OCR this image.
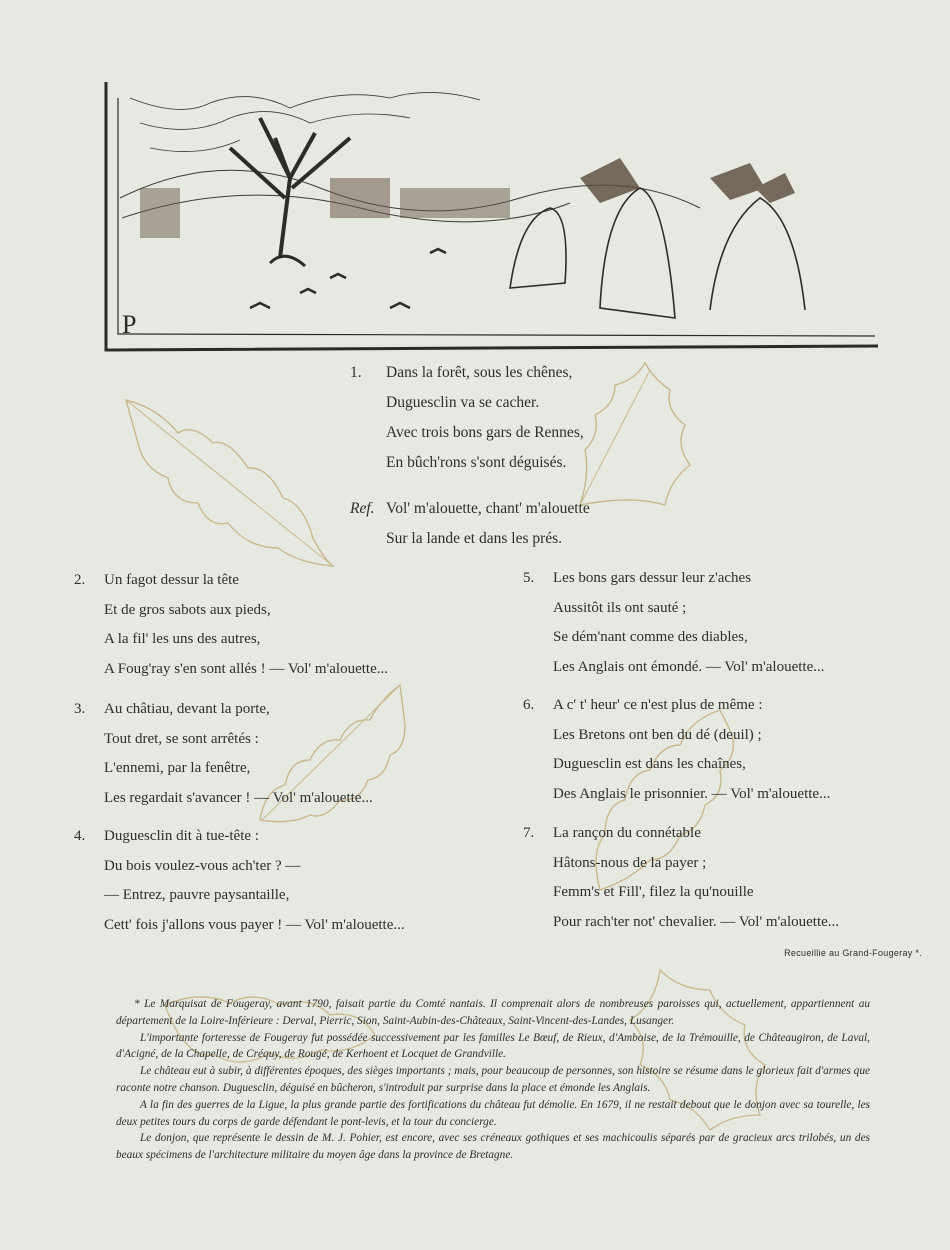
P
1.	Dans la forêt, sous les chênes,
Duguesclin va se cacher.
Avec trois bons gars de Rennes,
En bûch'rons s'sont déguisés.
Ref. Vol' m'alouette, chant' m'alouette
Sur la lande et dans les prés.
2.	Un fagot dessur la tête
Et de gros sabots aux pieds,
A la fil' les uns des autres,
A Foug'ray s'en sont allés ! — Vol' m'alouette...
3.	Au châtiau, devant la porte,
Tout dret, se sont arrêtés :
L'ennemi, par la fenêtre,
Les regardait s'avancer ! — Vol' m'alouette...
4.	Duguesclin dit à tue-tête :
Du bois voulez-vous ach'ter ? —
— Entrez, pauvre paysantaille,
Cett' fois j'allons vous payer ! — Vol' m'alouette...
5.	Les bons gars dessur leur z'aches
Aussitôt ils ont sauté ;
Se dém'nant comme des diables,
Les Anglais ont émondé. — Vol' m'alouette...
6.	A c' t' heur' ce n'est plus de même :
Les Bretons ont ben du dé (deuil) ;
Duguesclin est dans les chaînes,
Des Anglais le prisonnier. — Vol' m'alouette...
7.	La rançon du connétable
Hâtons-nous de la payer ;
Femm's et Fill', filez la qu'nouille
Pour rach'ter not' chevalier. — Vol' m'alouette...
Recueillie au Grand-Fougeray *.

* Le Marquisat de Fougeray, avant 1790, faisait partie du Comté nantais. Il comprenait alors de nombreuses paroisses qui, actuellement, appartiennent au département de la Loire-Inférieure : Derval, Pierric, Sion, Saint-Aubin-des-Châteaux, Saint-Vincent-des-Landes, Lusanger.

L'importante forteresse de Fougeray fut possédée successivement par les familles Le Bœuf, de Rieux, d'Amboise, de la Trémouille, de Châteaugiron, de Laval, d'Acigné, de la Chapelle, de Créquy, de Rougé, de Kerhoent et Locquet de Grandville.

Le château eut à subir, à différentes époques, des sièges importants ; mais, pour beaucoup de personnes, son histoire se résume dans le glorieux fait d'armes que raconte notre chanson. Duguesclin, déguisé en bûcheron, s'introduit par surprise dans la place et émonde les Anglais.

A la fin des guerres de la Ligue, la plus grande partie des fortifications du château fut démolie. En 1679, il ne restait debout que le donjon avec sa tourelle, les deux petites tours du corps de garde défendant le pont-levis, et la tour du concierge.

Le donjon, que représente le dessin de M. J. Pohier, est encore, avec ses créneaux gothiques et ses machicoulis séparés par de gracieux arcs trilobés, un des beaux spécimens de l'architecture militaire du moyen âge dans la province de Bretagne.
